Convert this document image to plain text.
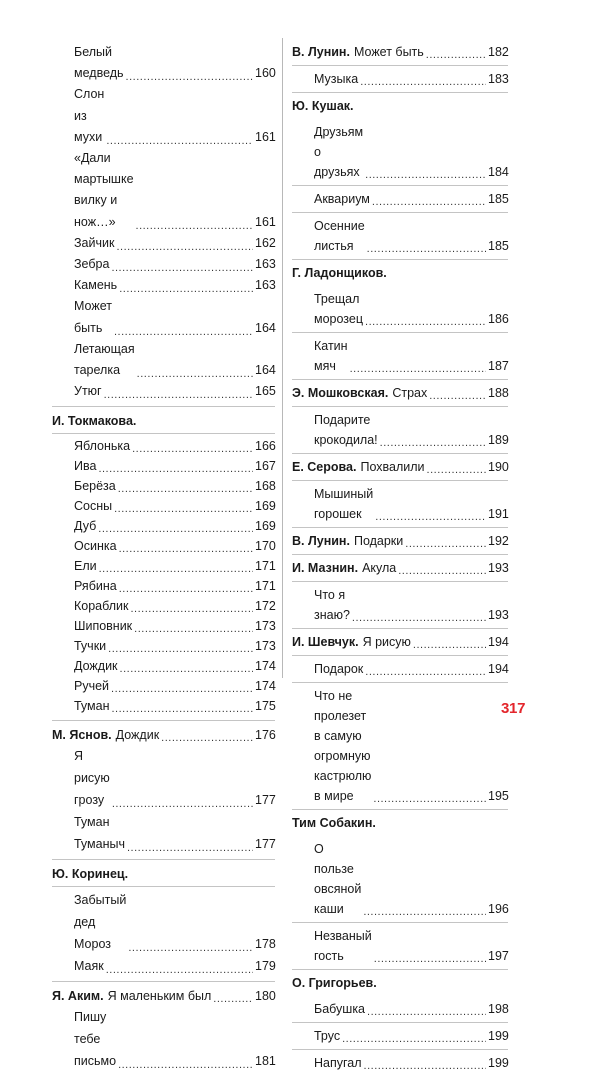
Белый медведь .....	160
Слон из мухи .....	161
«Дали мартышке
вилку и нож…» .....	161
Зайчик .....	162
Зебра .....	163
Камень .....	163
Может быть .....	164
Летающая тарелка .....	164
Утюг .....	165
И. Токмакова.
Яблонька .....	166
Ива .....	167
Берёза .....	168
Сосны .....	169
Дуб .....	169
Осинка .....	170
Ели .....	171
Рябина .....	171
Кораблик .....	172
Шиповник .....	173
Тучки .....	173
Дождик .....	174
Ручей .....	174
Туман .....	175
М. Яснов. Дождик .....	176
Я рисую грозу .....	177
Туман Туманыч .....	177
Ю. Коринец.
Забытый дед Мороз .....	178
Маяк .....	179
Я. Аким. Я маленьким был .....	180
Пишу тебе письмо .....	181
В. Лунин. Может быть .....	182
Музыка .....	183
Ю. Кушак.
Друзьям о друзьях .....	184
Аквариум .....	185
Осенние листья .....	185
Г. Ладонщиков.
Трещал морозец .....	186
Катин мяч .....	187
Э. Мошковская. Страх .....	188
Подарите крокодила! .....	189
Е. Серова. Похвалили .....	190
Мышиный горошек .....	191
В. Лунин. Подарки .....	192
И. Мазнин. Акула .....	193
Что я знаю? .....	193
И. Шевчук. Я рисую .....	194
Подарок .....	194
Что не пролезет
в самую огромную кастрюлю
в мире .....	195
Тим Собакин.
О пользе овсяной каши .....	196
Незваный гость .....	197
О. Григорьев.
Бабушка .....	198
Трус .....	199
Напугал .....	199
317
